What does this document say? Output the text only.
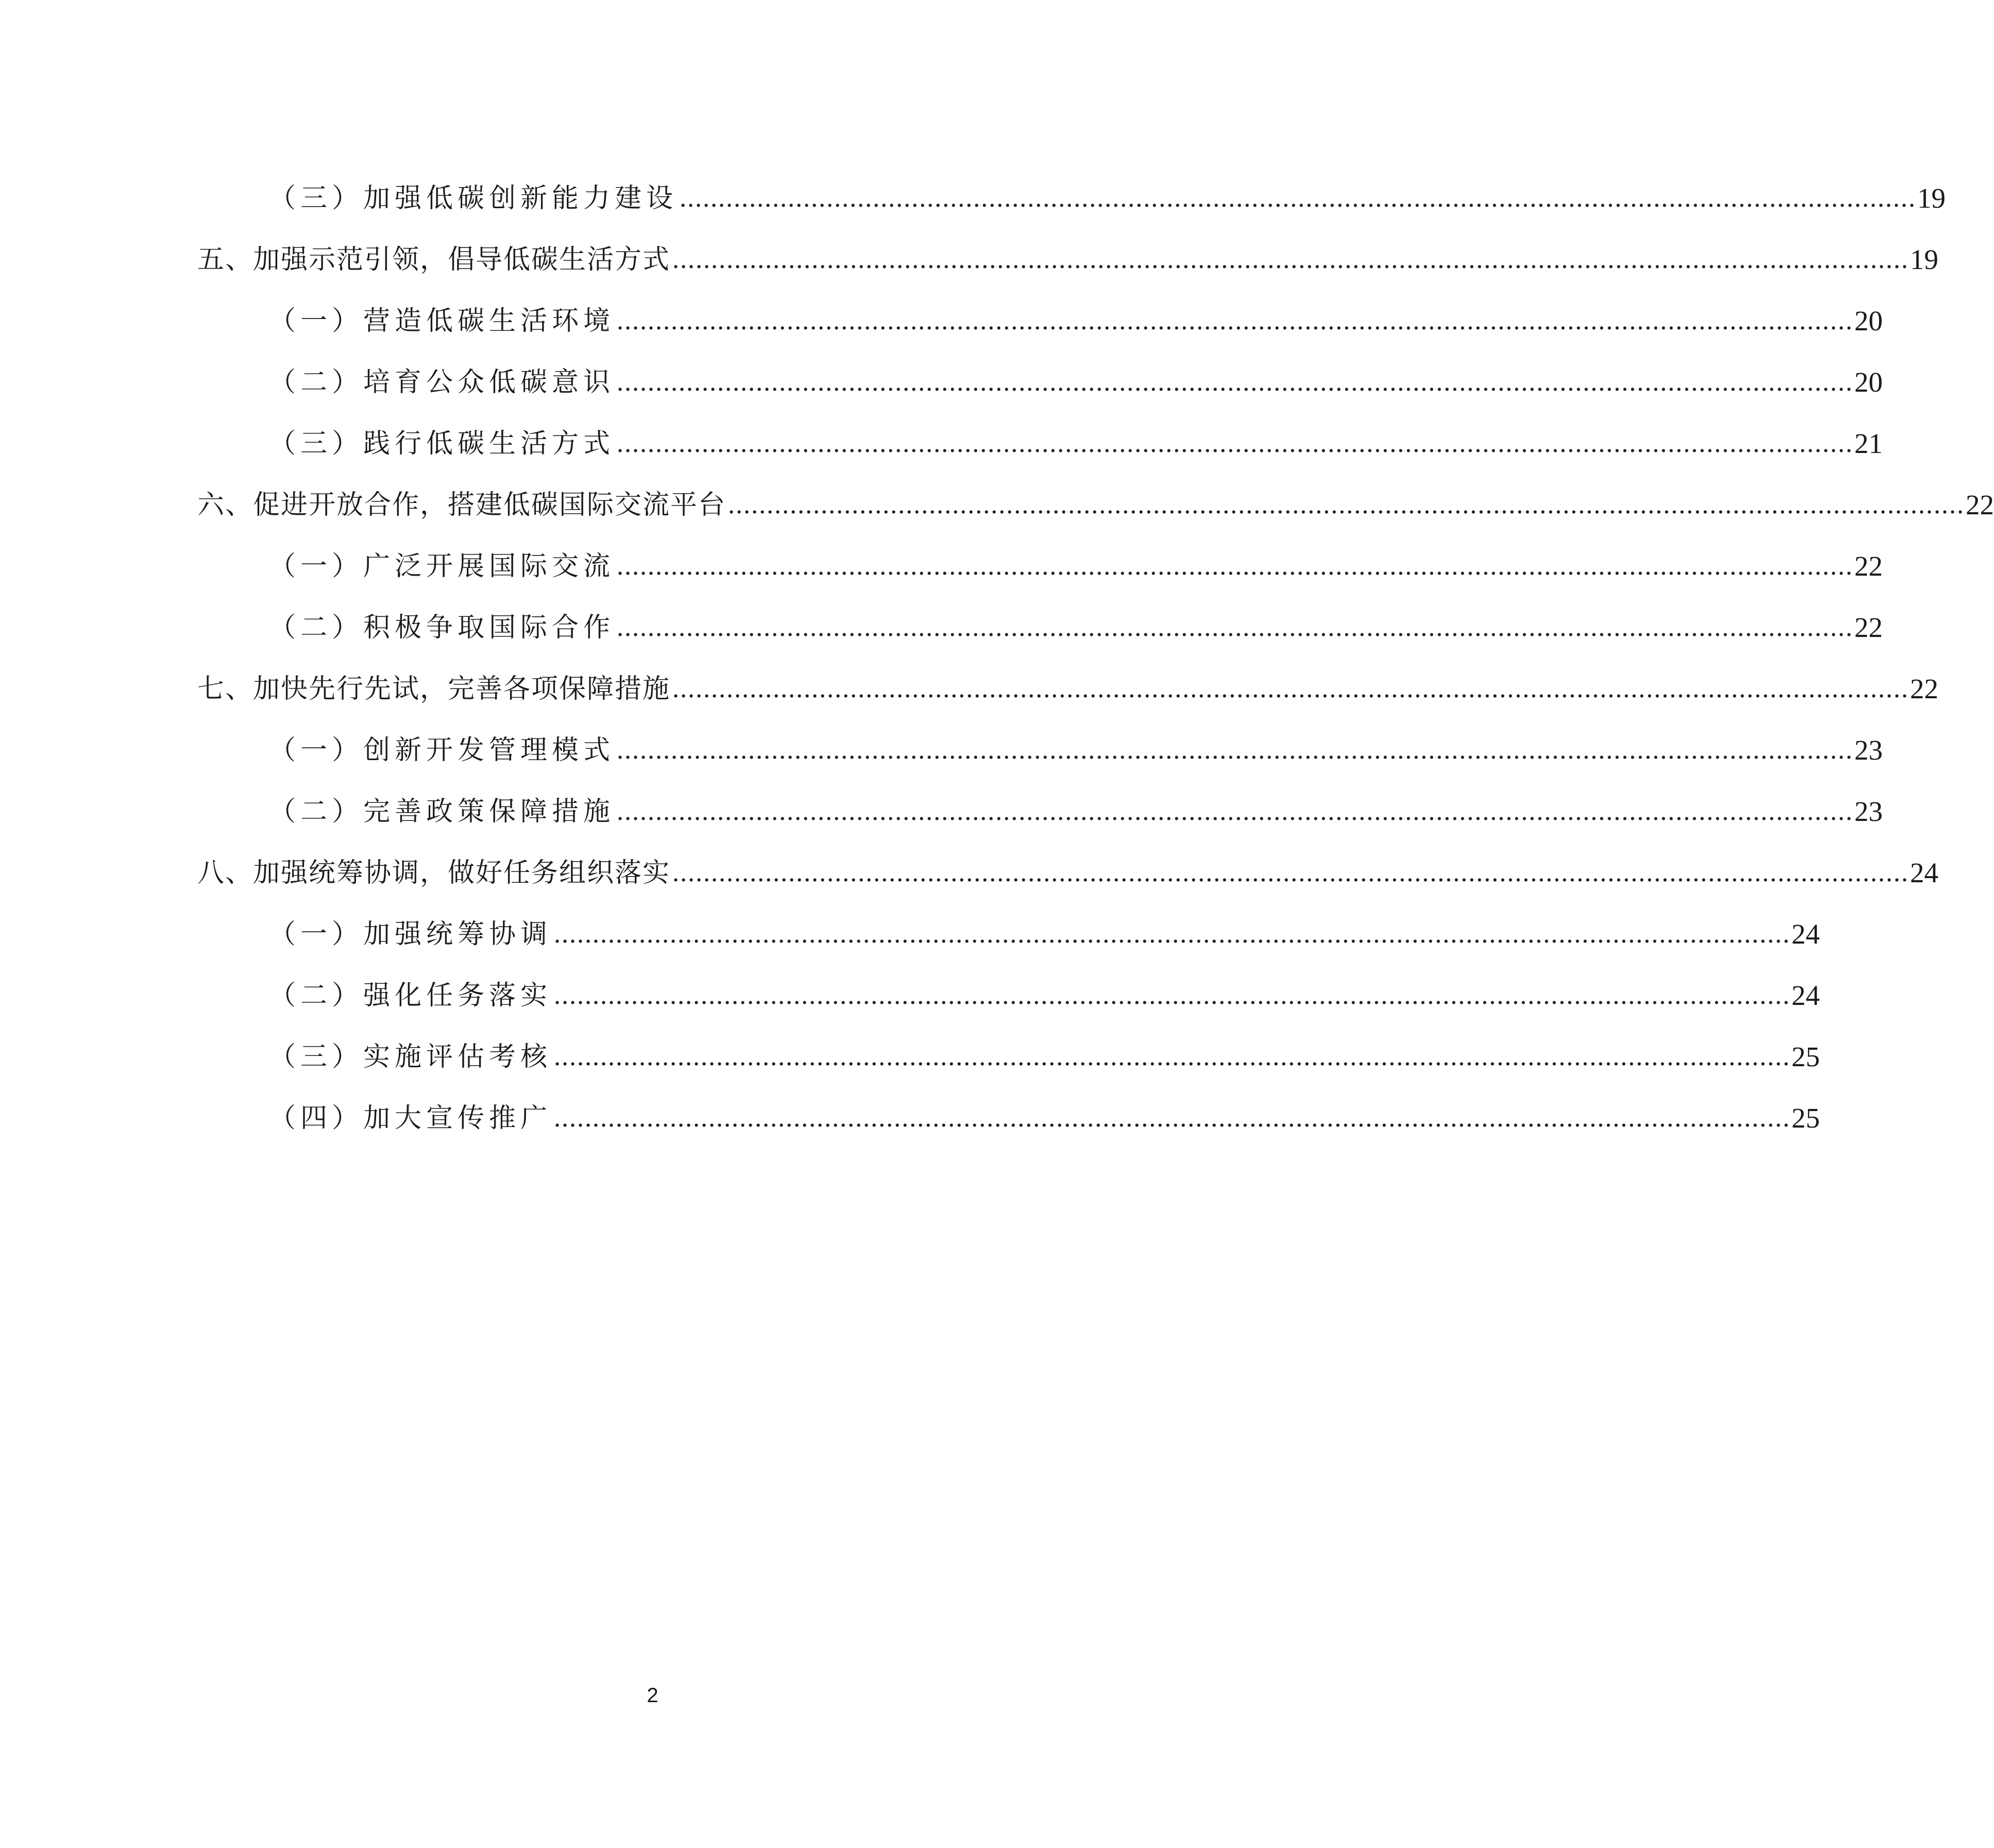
（三）加强低碳创新能力建设 ................................................................................................................................................................ 19
五、加强示范引领，倡导低碳生活方式 ................................................................................................................................................................ 19
（一）营造低碳生活环境 ................................................................................................................................................................ 20
（二）培育公众低碳意识 ................................................................................................................................................................ 20
（三）践行低碳生活方式 ................................................................................................................................................................ 21
六、促进开放合作，搭建低碳国际交流平台 ................................................................................................................................................................ 22
（一）广泛开展国际交流 ................................................................................................................................................................ 22
（二）积极争取国际合作 ................................................................................................................................................................ 22
七、加快先行先试，完善各项保障措施 ................................................................................................................................................................ 22
（一）创新开发管理模式 ................................................................................................................................................................ 23
（二）完善政策保障措施 ................................................................................................................................................................ 23
八、加强统筹协调，做好任务组织落实 ................................................................................................................................................................ 24
（一）加强统筹协调 ................................................................................................................................................................ 24
（二）强化任务落实 ................................................................................................................................................................ 24
（三）实施评估考核 ................................................................................................................................................................ 25
（四）加大宣传推广 ................................................................................................................................................................ 25
2
